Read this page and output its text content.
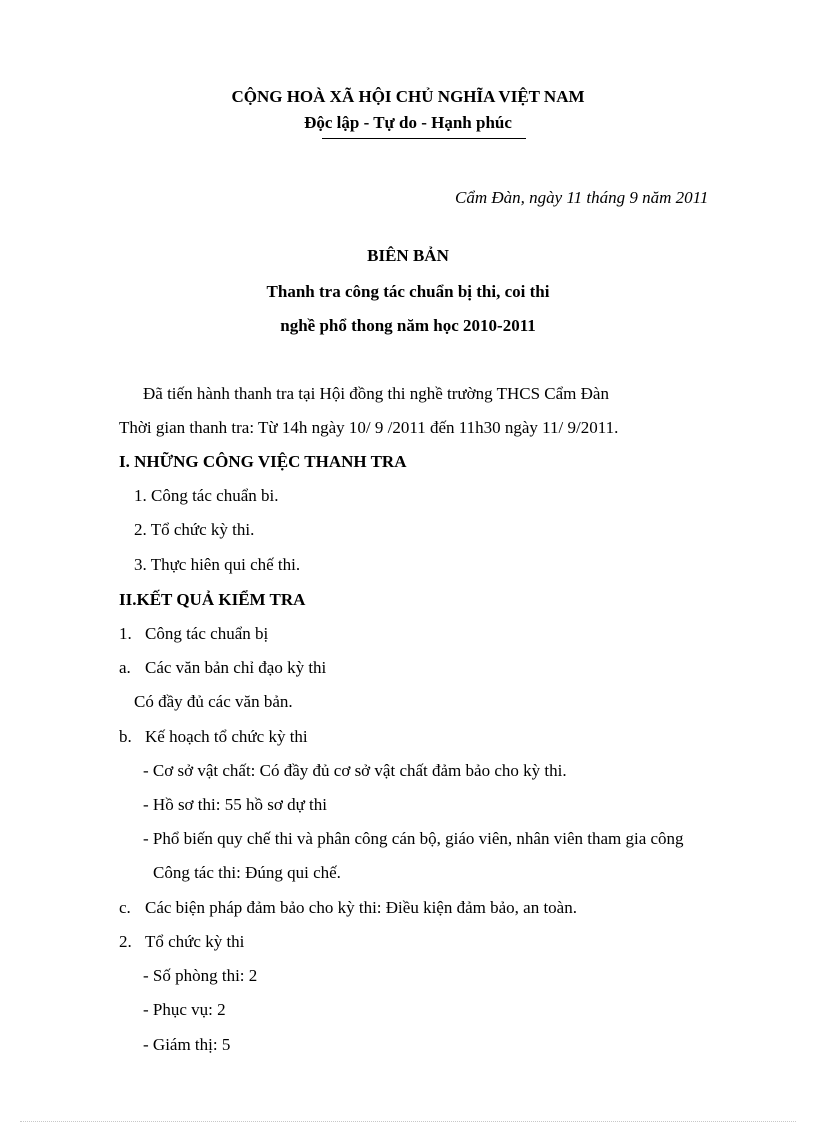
CỘNG HOÀ XÃ HỘI CHỦ NGHĨA VIỆT NAM
Độc lập - Tự do - Hạnh phúc
Cẩm Đàn, ngày 11 tháng 9 năm 2011
BIÊN BẢN
Thanh tra công tác chuẩn bị thi, coi thi
nghề phổ thong năm học 2010-2011
Đã tiến hành thanh tra tại Hội đồng thi nghề trường THCS Cẩm Đàn
Thời gian thanh tra: Từ 14h ngày 10/ 9 /2011 đến 11h30 ngày 11/ 9/2011.
I. NHỮNG CÔNG VIỆC THANH TRA
1. Công tác chuẩn bi.
2. Tổ chức kỳ thi.
3. Thực hiên qui chế thi.
II.KẾT QUẢ KIỂM TRA
1. Công tác chuẩn bị
a. Các văn bản chỉ đạo kỳ thi
Có đầy đủ các văn bản.
b. Kế hoạch tổ chức kỳ thi
- Cơ sở vật chất: Có đầy đủ cơ sở vật chất đảm bảo cho kỳ thi.
- Hồ sơ thi: 55 hồ sơ dự thi
- Phổ biến quy chế thi và phân công cán bộ, giáo viên, nhân viên tham gia công
Công tác thi: Đúng qui chế.
c. Các biện pháp đảm bảo cho kỳ thi: Điều kiện đảm bảo, an toàn.
2. Tổ chức kỳ thi
- Số phòng thi: 2
- Phục vụ: 2
- Giám thị: 5
